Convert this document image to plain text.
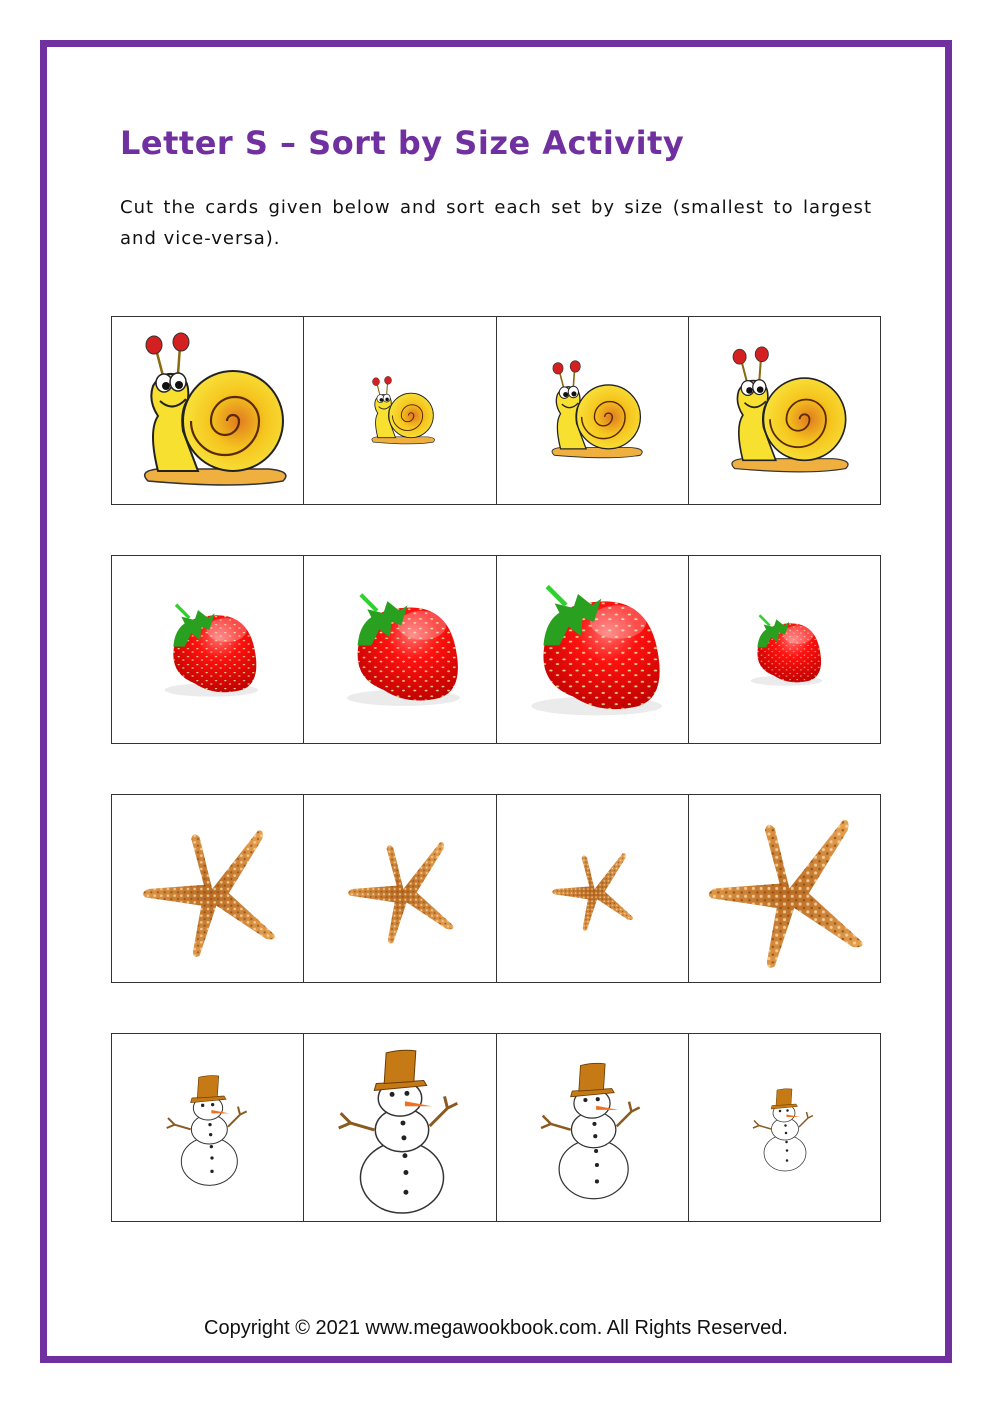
Letter S – Sort by Size Activity
Cut the cards given below and sort each set by size (smallest to largest and vice-versa).
Copyright © 2021 www.megawookbook.com. All Rights Reserved.
